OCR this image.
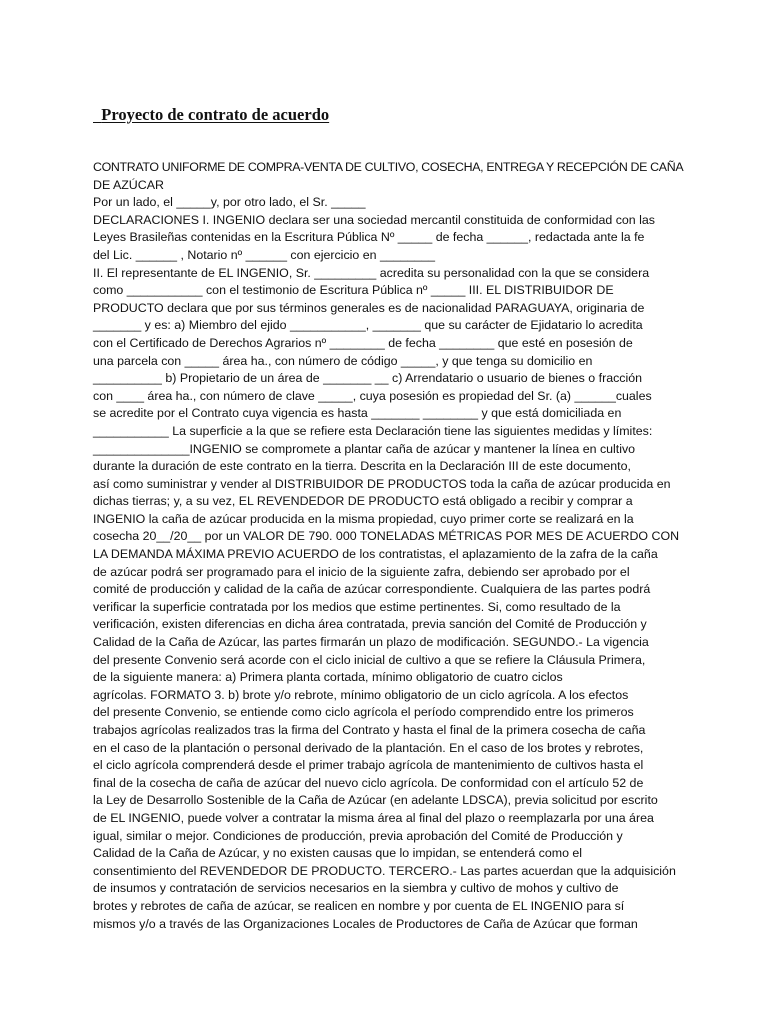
Proyecto de contrato de acuerdo
CONTRATO UNIFORME DE COMPRA-VENTA DE CULTIVO, COSECHA, ENTREGA Y RECEPCIÓN DE CAÑA
DE AZÚCAR
Por un lado, el _____y, por otro lado, el Sr. _____
DECLARACIONES I. INGENIO declara ser una sociedad mercantil constituida de conformidad con las
Leyes Brasileñas contenidas en la Escritura Pública Nº _____ de fecha ______, redactada ante la fe
del Lic. ______ , Notario nº ______ con ejercicio en ________
II. El representante de EL INGENIO, Sr. _________ acredita su personalidad con la que se considera
como ___________ con el testimonio de Escritura Pública nº _____ III. EL DISTRIBUIDOR DE
PRODUCTO declara que por sus términos generales es de nacionalidad PARAGUAYA, originaria de
_______ y es: a) Miembro del ejido ___________, _______ que su carácter de Ejidatario lo acredita
con el Certificado de Derechos Agrarios nº ________ de fecha ________ que esté en posesión de
una parcela con _____ área ha., con número de código _____, y que tenga su domicilio en
__________ b) Propietario de un área de _______ __ c) Arrendatario o usuario de bienes o fracción
con ____ área ha., con número de clave _____, cuya posesión es propiedad del Sr. (a) ______cuales
se acredite por el Contrato cuya vigencia es hasta _______ ________ y que está domiciliada en
___________ La superficie a la que se refiere esta Declaración tiene las siguientes medidas y límites:
______________INGENIO se compromete a plantar caña de azúcar y mantener la línea en cultivo
durante la duración de este contrato en la tierra. Descrita en la Declaración III de este documento,
así como suministrar y vender al DISTRIBUIDOR DE PRODUCTOS toda la caña de azúcar producida en
dichas tierras; y, a su vez, EL REVENDEDOR DE PRODUCTO está obligado a recibir y comprar a
INGENIO la caña de azúcar producida en la misma propiedad, cuyo primer corte se realizará en la
cosecha 20__/20__ por un VALOR DE 790. 000 TONELADAS MÉTRICAS POR MES DE ACUERDO CON
LA DEMANDA MÁXIMA PREVIO ACUERDO de los contratistas, el aplazamiento de la zafra de la caña
de azúcar podrá ser programado para el inicio de la siguiente zafra, debiendo ser aprobado por el
comité de producción y calidad de la caña de azúcar correspondiente. Cualquiera de las partes podrá
verificar la superficie contratada por los medios que estime pertinentes. Si, como resultado de la
verificación, existen diferencias en dicha área contratada, previa sanción del Comité de Producción y
Calidad de la Caña de Azúcar, las partes firmarán un plazo de modificación. SEGUNDO.- La vigencia
del presente Convenio será acorde con el ciclo inicial de cultivo a que se refiere la Cláusula Primera,
de la siguiente manera: a) Primera planta cortada, mínimo obligatorio de cuatro ciclos
agrícolas. FORMATO 3. b) brote y/o rebrote, mínimo obligatorio de un ciclo agrícola. A los efectos
del presente Convenio, se entiende como ciclo agrícola el período comprendido entre los primeros
trabajos agrícolas realizados tras la firma del Contrato y hasta el final de la primera cosecha de caña
en el caso de la plantación o personal derivado de la plantación. En el caso de los brotes y rebrotes,
el ciclo agrícola comprenderá desde el primer trabajo agrícola de mantenimiento de cultivos hasta el
final de la cosecha de caña de azúcar del nuevo ciclo agrícola. De conformidad con el artículo 52 de
la Ley de Desarrollo Sostenible de la Caña de Azúcar (en adelante LDSCA), previa solicitud por escrito
de EL INGENIO, puede volver a contratar la misma área al final del plazo o reemplazarla por una área
igual, similar o mejor. Condiciones de producción, previa aprobación del Comité de Producción y
Calidad de la Caña de Azúcar, y no existen causas que lo impidan, se entenderá como el
consentimiento del REVENDEDOR DE PRODUCTO. TERCERO.- Las partes acuerdan que la adquisición
de insumos y contratación de servicios necesarios en la siembra y cultivo de mohos y cultivo de
brotes y rebrotes de caña de azúcar, se realicen en nombre y por cuenta de EL INGENIO para sí
mismos y/o a través de las Organizaciones Locales de Productores de Caña de Azúcar que forman
